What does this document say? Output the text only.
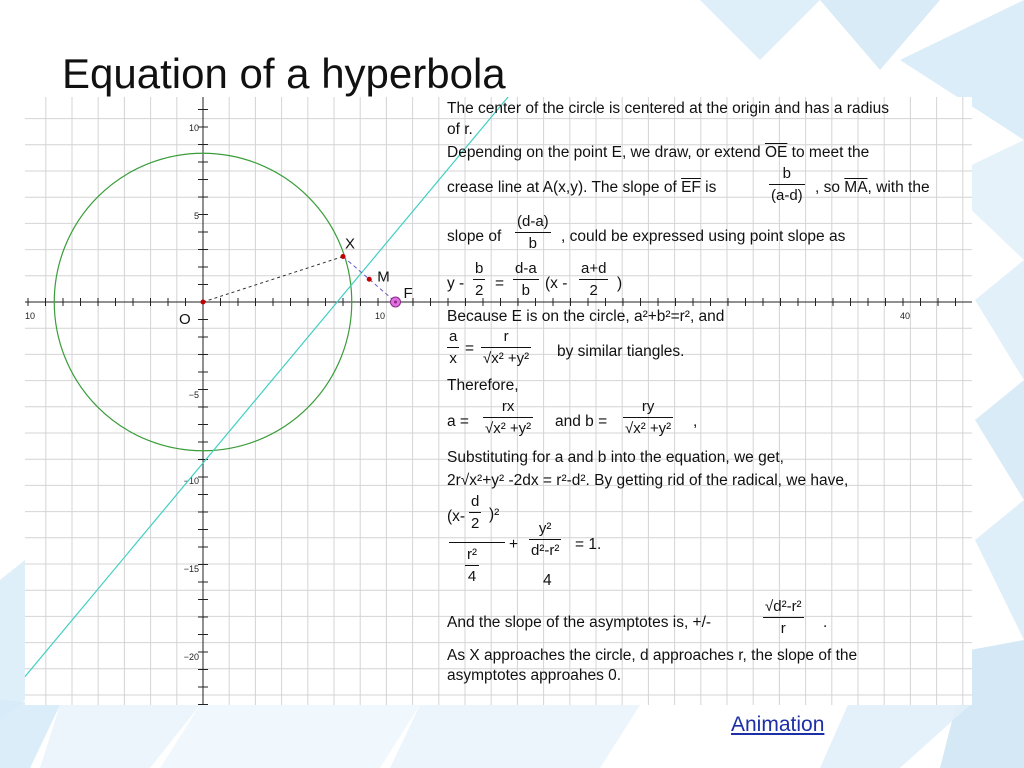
Equation of a hyperbola
10	10	40
10
5
−5
−10
−15
−20
O
X
M
F
The center of the circle is centered at the origin and has a radius
of r.
Depending on the point E, we draw, or extend $\overline{OE}$ to meet the
crease line at A(x,y). The slope of $\overline{EF}$ is	$\frac{b}{(a-d)}$ , so $\overline{MA}$, with the
slope of $\frac{(d-a)}{b}$ , could be expressed using point slope as
$y - \frac{b}{2} = \frac{d-a}{b} (x - \frac{a+d}{2}$ )
Because E is on the circle, a²+b²=r², and
$\frac{a}{x} = \frac{r}{\text{√x² +y²}}$ by similar tiangles.
Therefore,
$a = \frac{rx}{\text{√x² +y²}}$ and $b = \frac{ry}{\text{√x² +y²}}$ ,
Substituting for a and b into the equation, we get,
2r√x²+y² -2dx = r²-d². By getting rid of the radical, we have,
$(x- \frac{d}{2} )^2$
$\frac{\text{r²}}{4} + \frac{\text{y²}}{\text{d²-r²}}$
4
= 1.
And the slope of the asymptotes is, +/-	$\frac{\text{√d²-r²}}{r}$ .
As X approaches the circle, d approaches r, the slope of the
asymptotes approahes 0.
Animation
